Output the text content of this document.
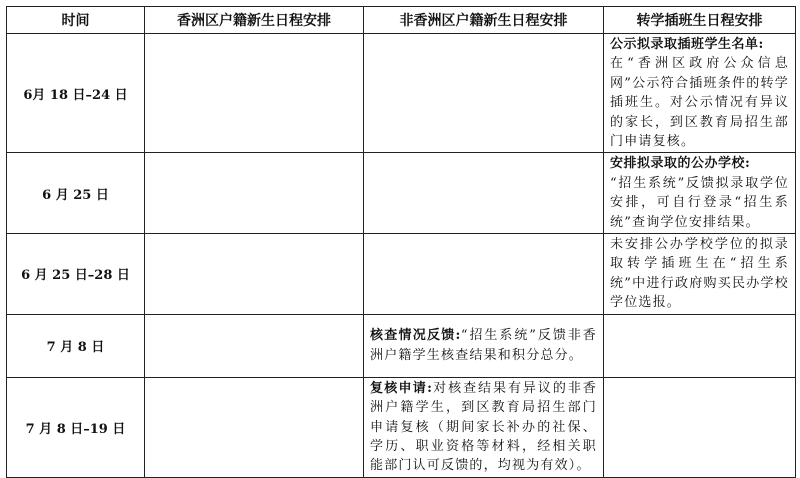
时间	香洲区户籍新生日程安排	非香洲区户籍新生日程安排	转学插班生日程安排
6月 18 日–24 日			公示拟录取插班学生名单:
在“香洲区政府公众信息网”公示符合插班条件的转学插班生。对公示情况有异议的家长，到区教育局招生部门申请复核。

6 月 25 日			安排拟录取的公办学校:
“招生系统”反馈拟录取学位安排，可自行登录“招生系统”查询学位安排结果。

6 月 25 日–28 日			未安排公办学校学位的拟录取转学插班生在“招生系统”中进行政府购买民办学校学位选报。

7 月 8 日		核查情况反馈:“招生系统”反馈非香洲户籍学生核查结果和积分总分。	

7 月 8 日–19 日		复核申请:对核查结果有异议的非香洲户籍学生，到区教育局招生部门申请复核（期间家长补办的社保、学历、职业资格等材料，经相关职能部门认可反馈的，均视为有效）。	
